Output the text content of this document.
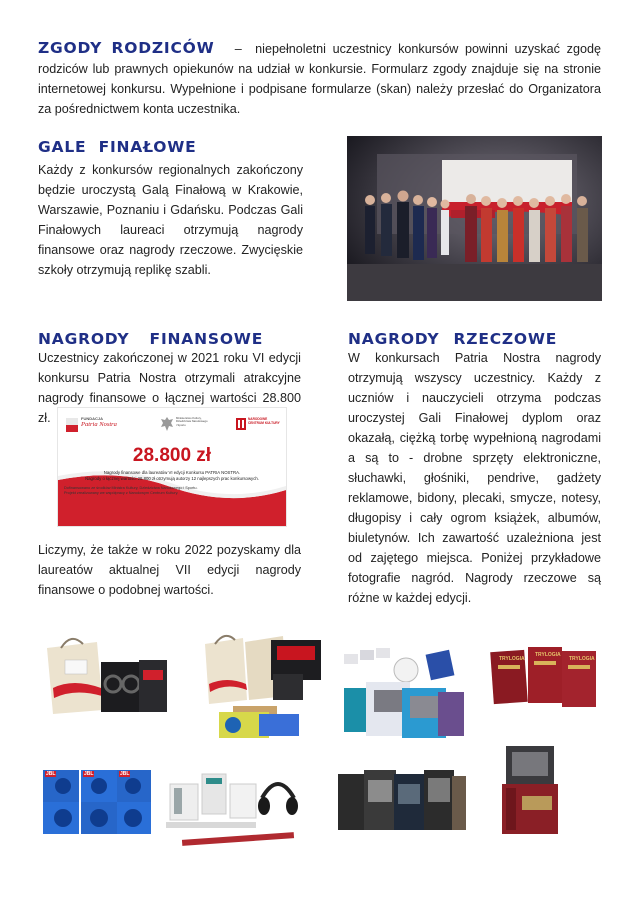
ZGODY RODZICÓW – niepełnoletni uczestnicy konkursów powinni uzyskać zgodę rodziców lub prawnych opiekunów na udział w konkursie. Formularz zgody znajduje się na stronie internetowej konkursu. Wypełnione i podpisane formularze (skan) należy przesłać do Organizatora za pośrednictwem konta uczestnika.
GALE FINAŁOWE
Każdy z konkursów regionalnych zakończony będzie uroczystą Galą Finałową w Krakowie, Warszawie, Poznaniu i Gdańsku. Podczas Gali Finałowych laureaci otrzymują nagrody finansowe oraz nagrody rzeczowe. Zwycięskie szkoły otrzymują replikę szabli.
NAGRODY FINANSOWE
Uczestnicy zakończonej w 2021 roku VI edycji konkursu Patria Nostra otrzymali atrakcyjne nagrody finansowe o łącznej wartości 28.800 zł.	FUNDACJA
Patria Nostra
Ministerstwo Kultury, Dziedzictwa Narodowego i Sportu
NARODOWE CENTRUM KULTURY
28.800 zł
Nagrody finansowe dla laureatów VI edycji Konkursu PATRIA NOSTRA.
Nagrody o łącznej wartości 28.800 zł otrzymują autorzy 12 najlepszych prac konkursowych.
Dofinansowano ze środków Ministra Kultury, Dziedzictwa Narodowego i Sportu.
Projekt zrealizowany we współpracy z Narodowym Centrum Kultury.
Liczymy, że także w roku 2022 pozyskamy dla laureatów aktualnej VII edycji nagrody finansowe o podobnej wartości.
NAGRODY RZECZOWE
W konkursach Patria Nostra nagrody otrzymują wszyscy uczestnicy. Każdy z uczniów i nauczycieli otrzyma podczas uroczystej Gali Finałowej dyplom oraz okazałą, ciężką torbę wypełnioną nagrodami a są to - drobne sprzęty elektroniczne, słuchawki, głośniki, pendrive, gadżety reklamowe, bidony, plecaki, smycze, notesy, długopisy i cały ogrom książek, albumów, biuletynów. Ich zawartość uzależniona jest od zajętego miejsca. Poniżej przykładowe fotografie nagród. Nagrody rzeczowe są różne w każdej edycji.
TRYLOGIA
TRYLOGIA
TRYLOGIA
JBL	JBL	JBL
